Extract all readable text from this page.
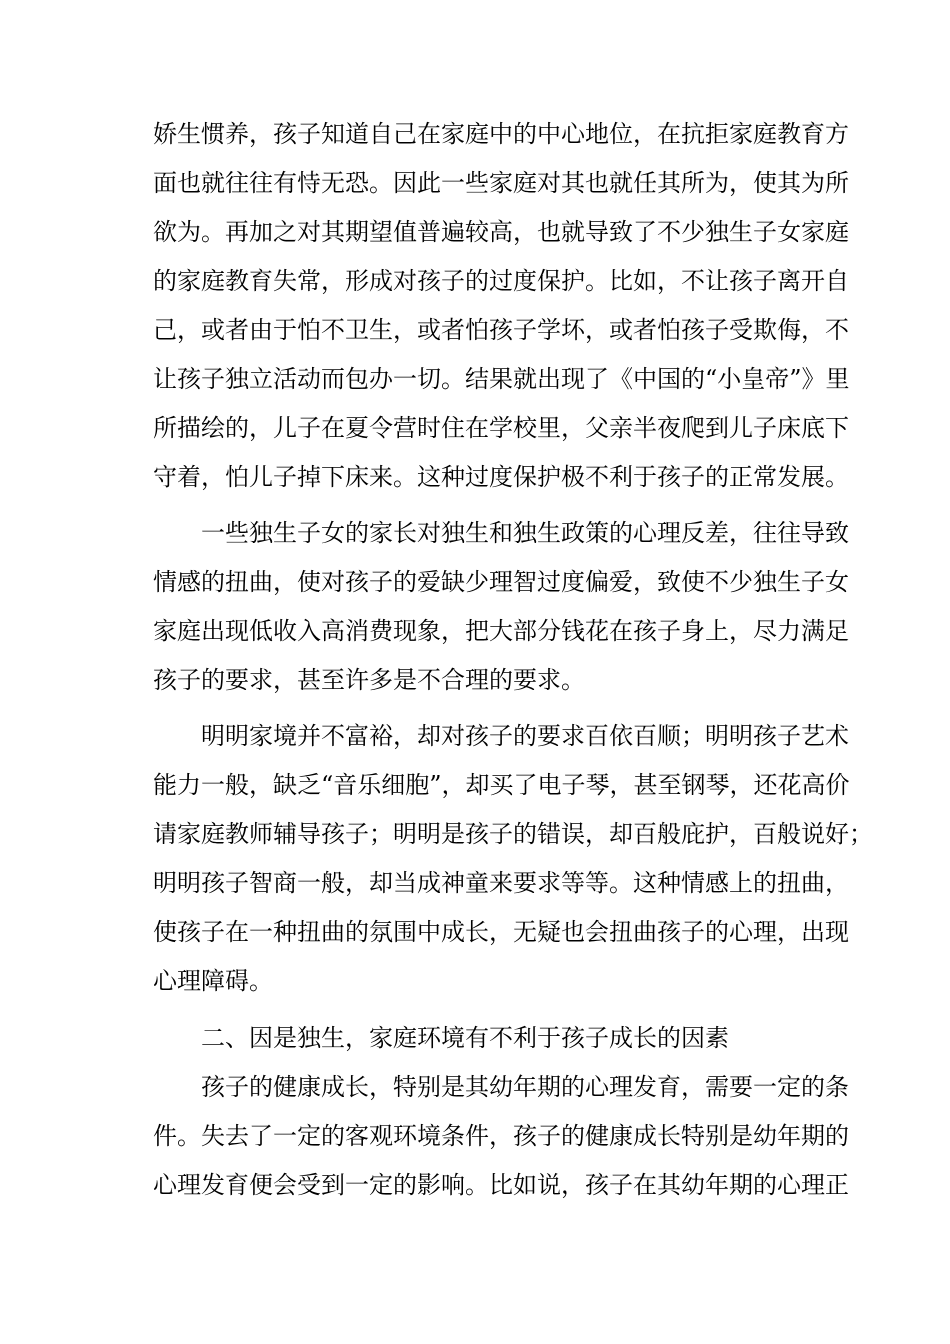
娇生惯养，孩子知道自己在家庭中的中心地位，在抗拒家庭教育方
面也就往往有恃无恐。因此一些家庭对其也就任其所为，使其为所
欲为。再加之对其期望值普遍较高，也就导致了不少独生子女家庭
的家庭教育失常，形成对孩子的过度保护。比如，不让孩子离开自
己，或者由于怕不卫生，或者怕孩子学坏，或者怕孩子受欺侮，不
让孩子独立活动而包办一切。结果就出现了《中国的“小皇帝”》里
所描绘的，儿子在夏令营时住在学校里，父亲半夜爬到儿子床底下
守着，怕儿子掉下床来。这种过度保护极不利于孩子的正常发展。
一些独生子女的家长对独生和独生政策的心理反差，往往导致
情感的扭曲，使对孩子的爱缺少理智过度偏爱，致使不少独生子女
家庭出现低收入高消费现象，把大部分钱花在孩子身上，尽力满足
孩子的要求，甚至许多是不合理的要求。
明明家境并不富裕，却对孩子的要求百依百顺；明明孩子艺术
能力一般，缺乏“音乐细胞”，却买了电子琴，甚至钢琴，还花高价
请家庭教师辅导孩子；明明是孩子的错误，却百般庇护，百般说好；
明明孩子智商一般，却当成神童来要求等等。这种情感上的扭曲，
使孩子在一种扭曲的氛围中成长，无疑也会扭曲孩子的心理，出现
心理障碍。
二、因是独生，家庭环境有不利于孩子成长的因素
孩子的健康成长，特别是其幼年期的心理发育，需要一定的条
件。失去了一定的客观环境条件，孩子的健康成长特别是幼年期的
心理发育便会受到一定的影响。比如说，孩子在其幼年期的心理正
